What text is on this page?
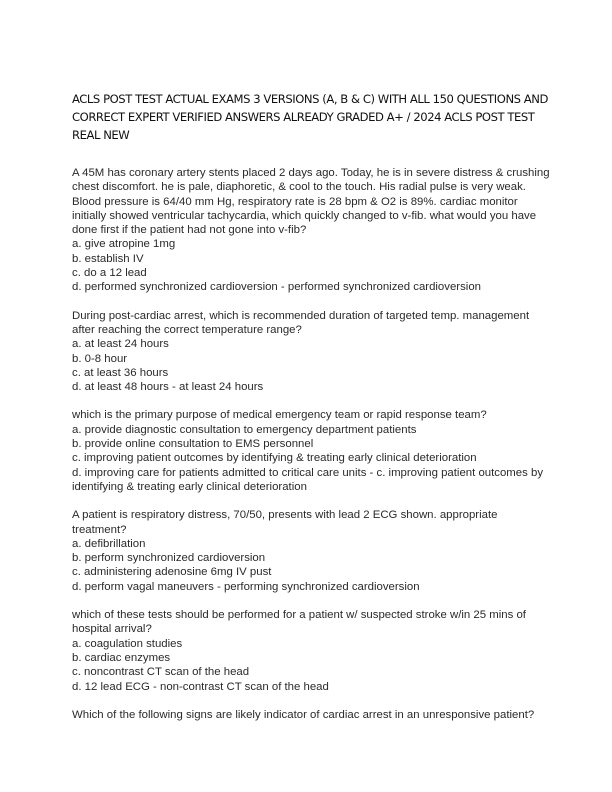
ACLS POST TEST ACTUAL EXAMS 3 VERSIONS (A, B & C) WITH ALL 150 QUESTIONS AND CORRECT EXPERT VERIFIED ANSWERS ALREADY GRADED A+ / 2024 ACLS POST TEST REAL NEW

A 45M has coronary artery stents placed 2 days ago. Today, he is in severe distress & crushing chest discomfort. he is pale, diaphoretic, & cool to the touch. His radial pulse is very weak. Blood pressure is 64/40 mm Hg, respiratory rate is 28 bpm & O2 is 89%. cardiac monitor initially showed ventricular tachycardia, which quickly changed to v-fib. what would you have done first if the patient had not gone into v-fib?

a. give atropine 1mg
b. establish IV
c. do a 12 lead
d. performed synchronized cardioversion - performed synchronized cardioversion

During post-cardiac arrest, which is recommended duration of targeted temp. management after reaching the correct temperature range?

a. at least 24 hours
b. 0-8 hour
c. at least 36 hours
d. at least 48 hours - at least 24 hours

which is the primary purpose of medical emergency team or rapid response team?

a. provide diagnostic consultation to emergency department patients
b. provide online consultation to EMS personnel
c. improving patient outcomes by identifying & treating early clinical deterioration
d. improving care for patients admitted to critical care units - c. improving patient outcomes by identifying & treating early clinical deterioration

A patient is respiratory distress, 70/50, presents with lead 2 ECG shown. appropriate treatment?

a. defibrillation
b. perform synchronized cardioversion
c. administering adenosine 6mg IV pust
d. perform vagal maneuvers - performing synchronized cardioversion

which of these tests should be performed for a patient w/ suspected stroke w/in 25 mins of hospital arrival?

a. coagulation studies
b. cardiac enzymes
c. noncontrast CT scan of the head
d. 12 lead ECG - non-contrast CT scan of the head

Which of the following signs are likely indicator of cardiac arrest in an unresponsive patient?
